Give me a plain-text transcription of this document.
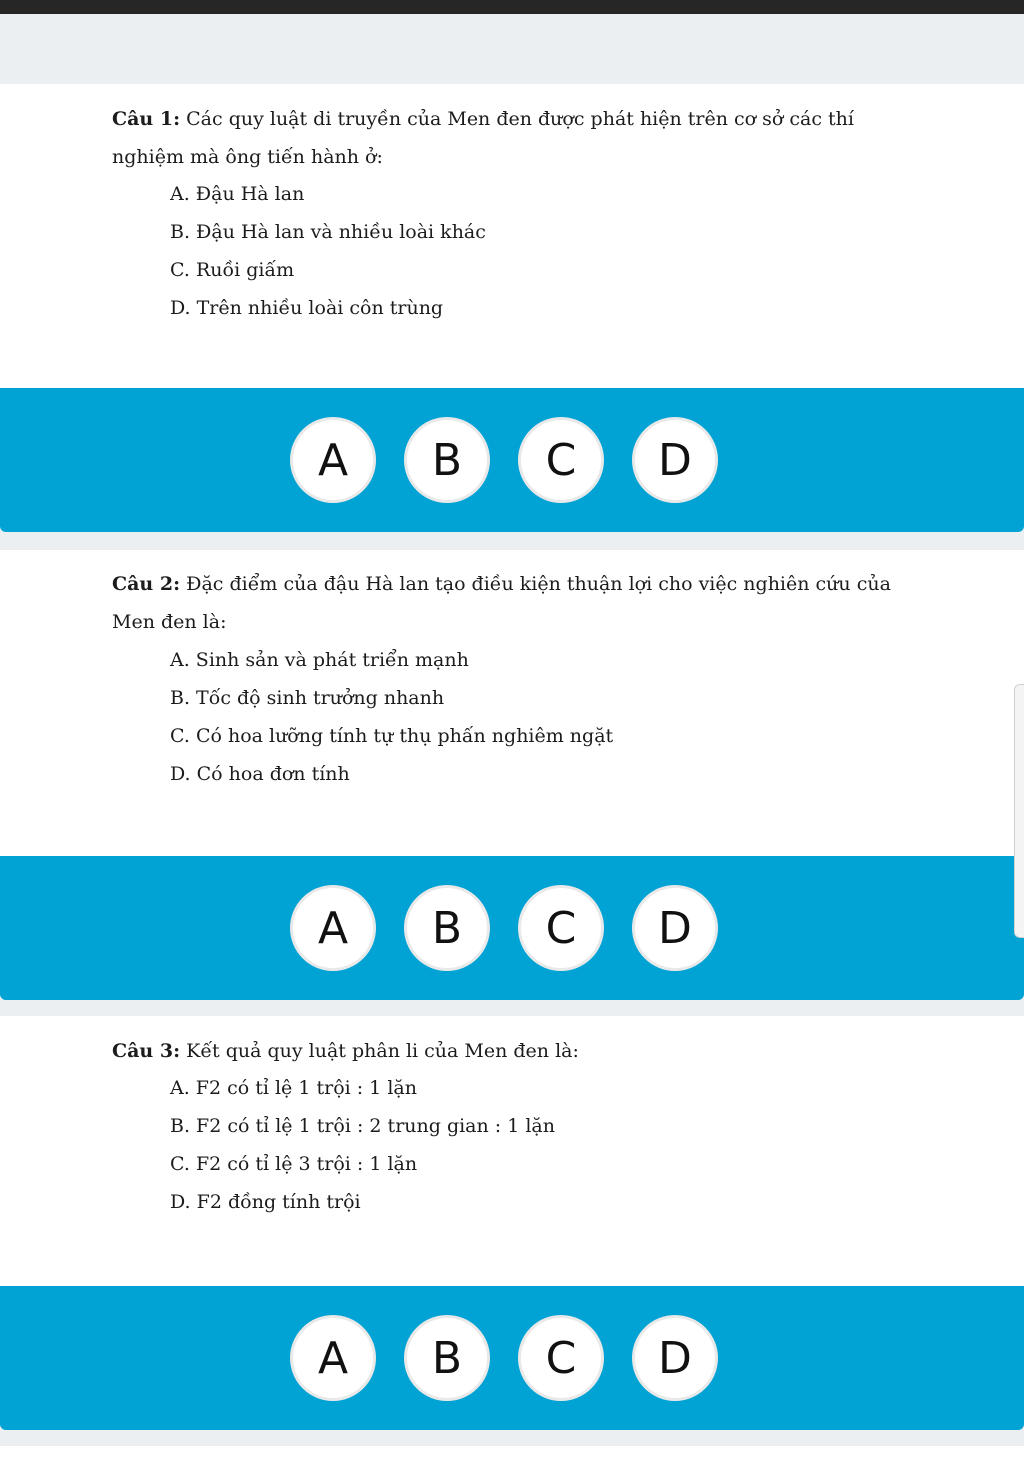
Câu 1: Các quy luật di truyền của Men đen được phát hiện trên cơ sở các thí nghiệm mà ông tiến hành ở:
A. Đậu Hà lan
B. Đậu Hà lan và nhiều loài khác
C. Ruồi giấm
D. Trên nhiều loài côn trùng
A	B	C	D
Câu 2: Đặc điểm của đậu Hà lan tạo điều kiện thuận lợi cho việc nghiên cứu của Men đen là:
A. Sinh sản và phát triển mạnh
B. Tốc độ sinh trưởng nhanh
C. Có hoa lưỡng tính tự thụ phấn nghiêm ngặt
D. Có hoa đơn tính
A	B	C	D
Câu 3: Kết quả quy luật phân li của Men đen là:
A. F2 có tỉ lệ 1 trội : 1 lặn
B. F2 có tỉ lệ 1 trội : 2 trung gian : 1 lặn
C. F2 có tỉ lệ 3 trội : 1 lặn
D. F2 đồng tính trội
A	B	C	D
